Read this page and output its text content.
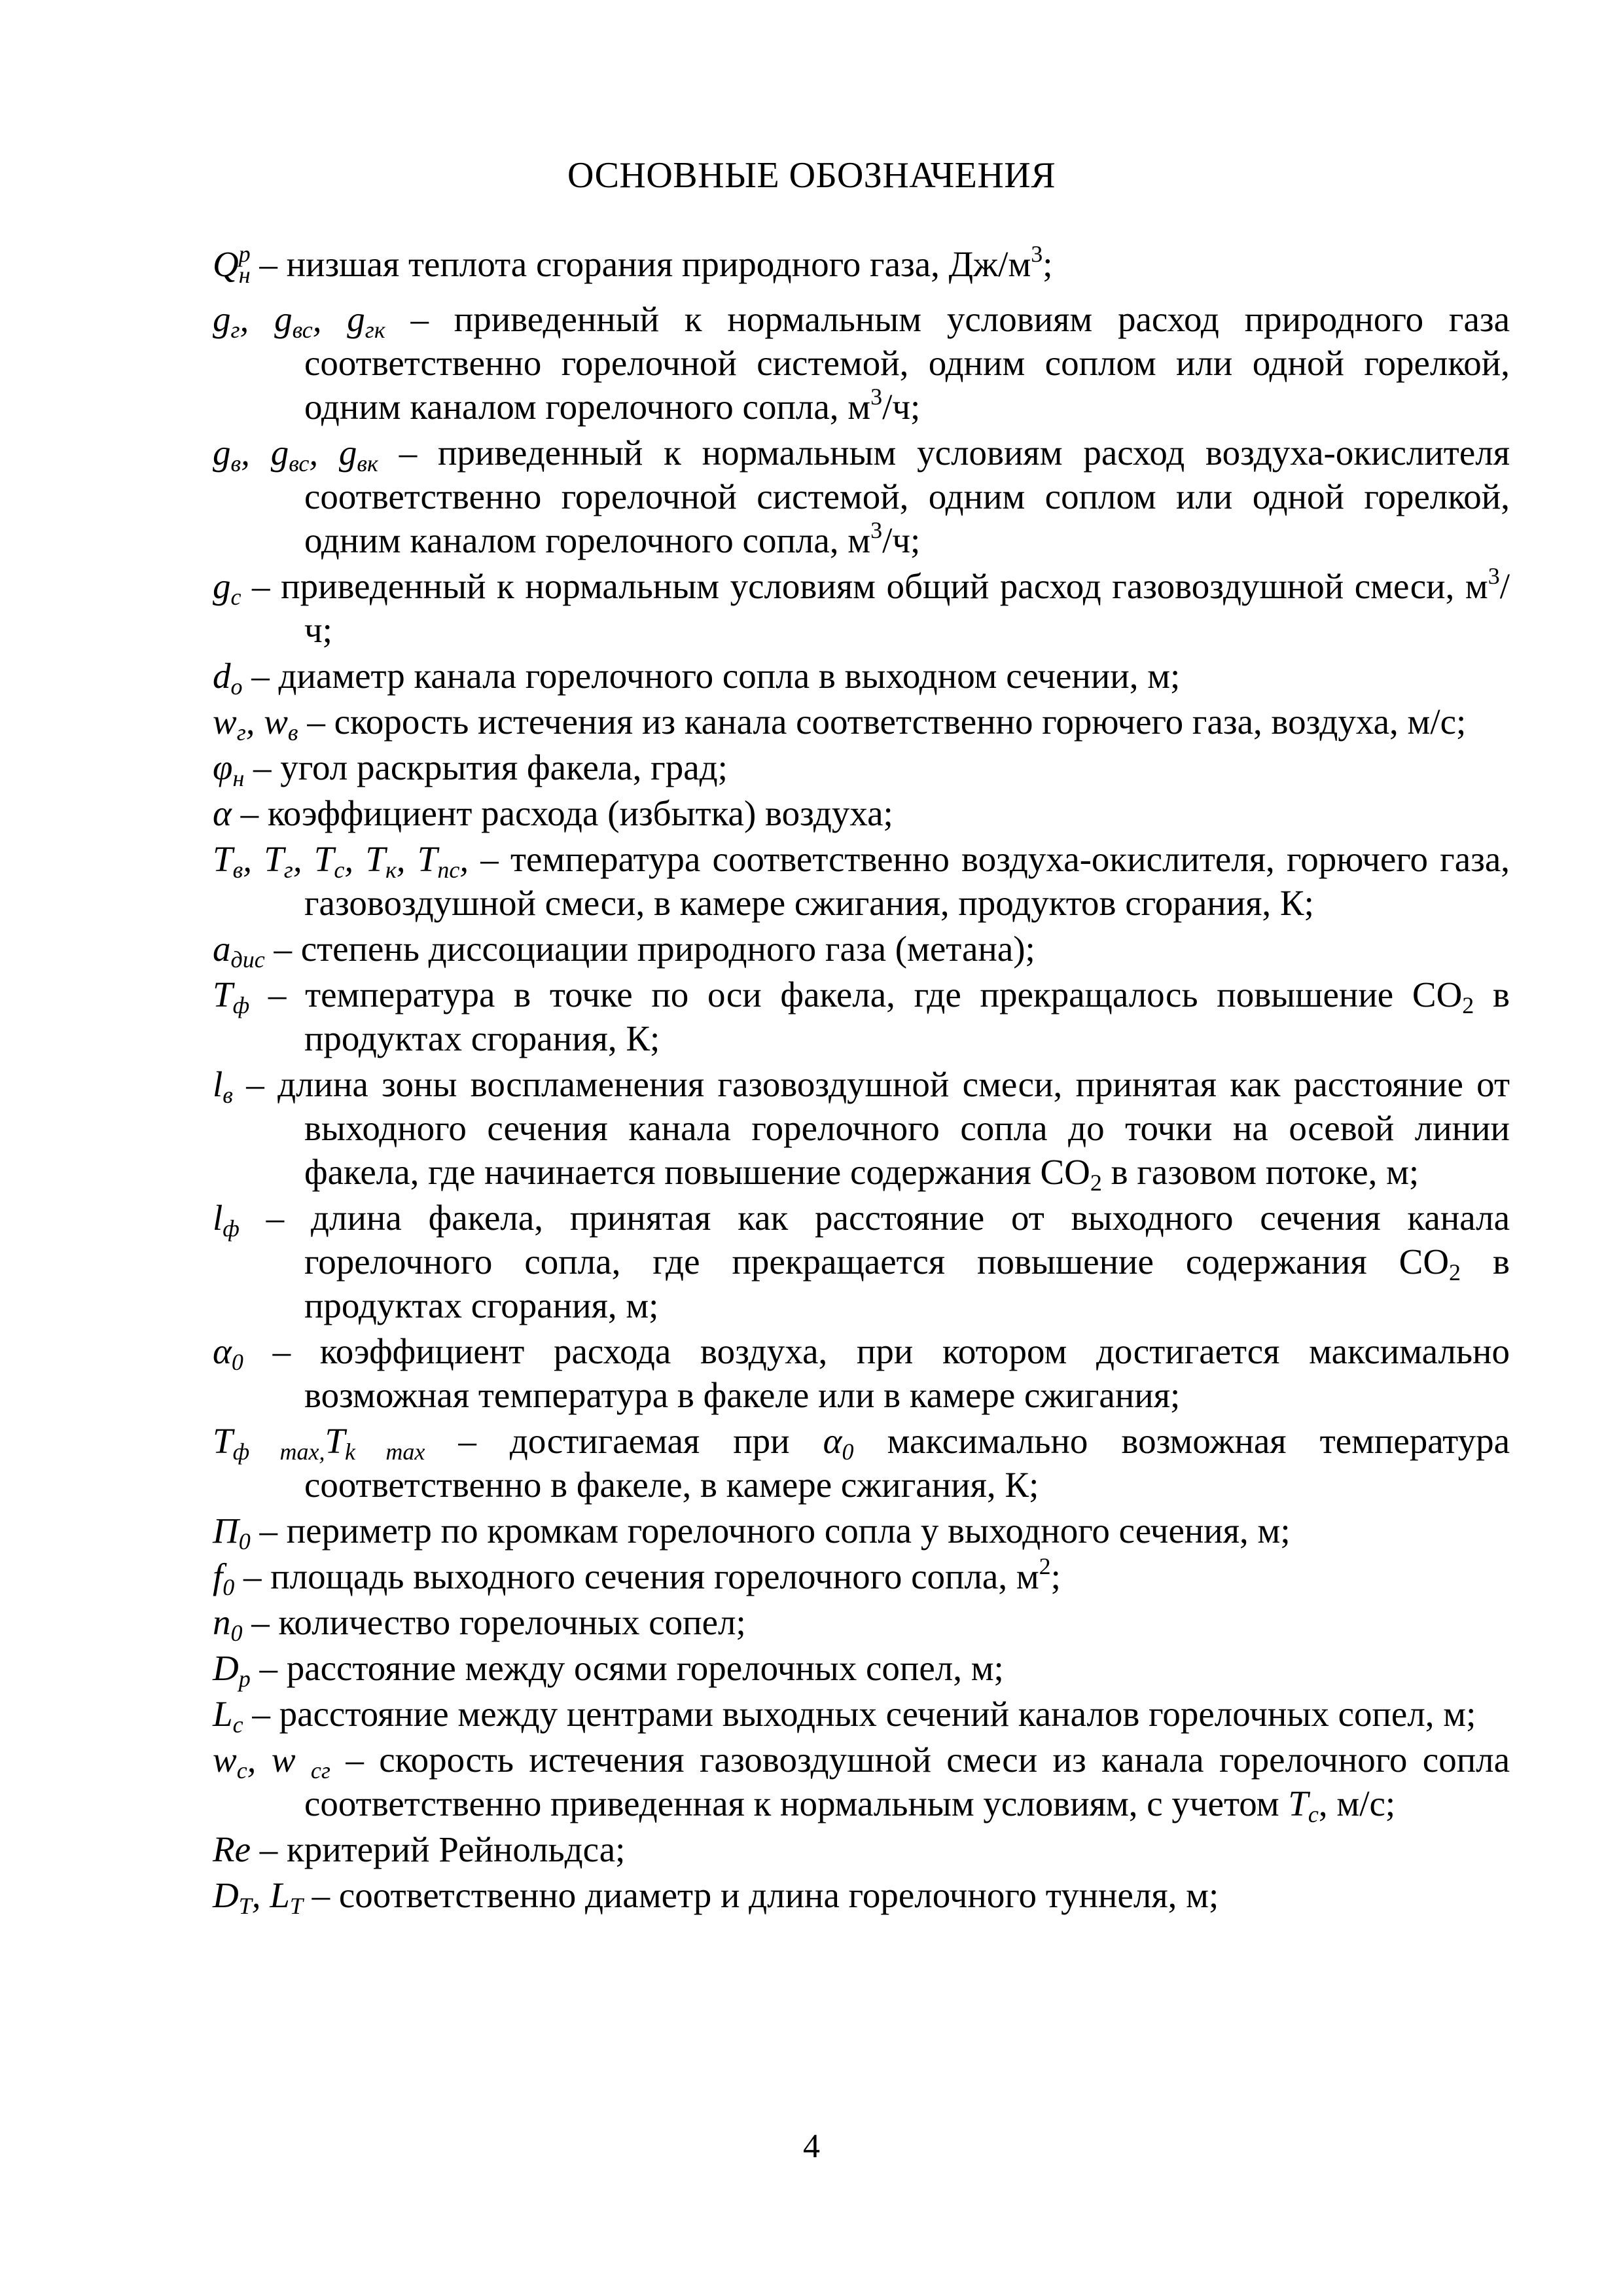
ОСНОВНЫЕ ОБОЗНАЧЕНИЯ

$Q_н^р$ – низшая теплота сгорания природного газа, $Дж/м^3$;

$g_г$, $g_{вс}$, $g_{гк}$ – приведенный к нормальным условиям расход природного газа соответственно горелочной системой, одним соплом или одной горелкой, одним каналом горелочного сопла, $м^3/ч$;

$g_в$, $g_{вс}$, $g_{вк}$ – приведенный к нормальным условиям расход воздуха-окислителя соответственно горелочной системой, одним соплом или одной горелкой, одним каналом горелочного сопла, $м^3/ч$;

$g_с$ – приведенный к нормальным условиям общий расход газовоздушной смеси, $м^3/ч$;

$d_o$ – диаметр канала горелочного сопла в выходном сечении, м;

$w_г$, $w_в$ – скорость истечения из канала соответственно горючего газа, воздуха, м/с;

$\varphi_н$ – угол раскрытия факела, град;

α – коэффициент расхода (избытка) воздуха;

$Т_в$, $Т_г$, $Т_с$, $Т_к$, $Т_{пс}$, – температура соответственно воздуха-окислителя, горючего газа, газовоздушной смеси, в камере сжигания, продуктов сгорания, К;

$а_{дис}$ – степень диссоциации природного газа (метана);

$Т_ф$ – температура в точке по оси факела, где прекращалось повышение $СО_2$ в продуктах сгорания, К;

$l_в$ – длина зоны воспламенения газовоздушной смеси, принятая как расстояние от выходного сечения канала горелочного сопла до точки на осевой линии факела, где начинается повышение содержания $СО_2$ в газовом потоке, м;

$l_ф$ – длина факела, принятая как расстояние от выходного сечения канала горелочного сопла, где прекращается повышение содержания $СО_2$ в продуктах сгорания, м;

$\alpha_0$ – коэффициент расхода воздуха, при котором достигается максимально возможная температура в факеле или в камере сжигания;

$Т_{ф max,}Т_{k max}$ – достигаемая при $\alpha_0$ максимально возможная температура соответственно в факеле, в камере сжигания, К;

$П_0$ – периметр по кромкам горелочного сопла у выходного сечения, м;

$f_0$ – площадь выходного сечения горелочного сопла, $м^2$;

$n_0$ – количество горелочных сопел;

$D_р$ – расстояние между осями горелочных сопел, м;

$L_c$ – расстояние между центрами выходных сечений каналов горелочных сопел, м;

$w_c$, w $_{cг}$ – скорость истечения газовоздушной смеси из канала горелочного сопла соответственно приведенная к нормальным условиям, с учетом $Т_с$, м/с;

Re – критерий Рейнольдса;

$D_T$, $L_T$ – соответственно диаметр и длина горелочного туннеля, м;

4
